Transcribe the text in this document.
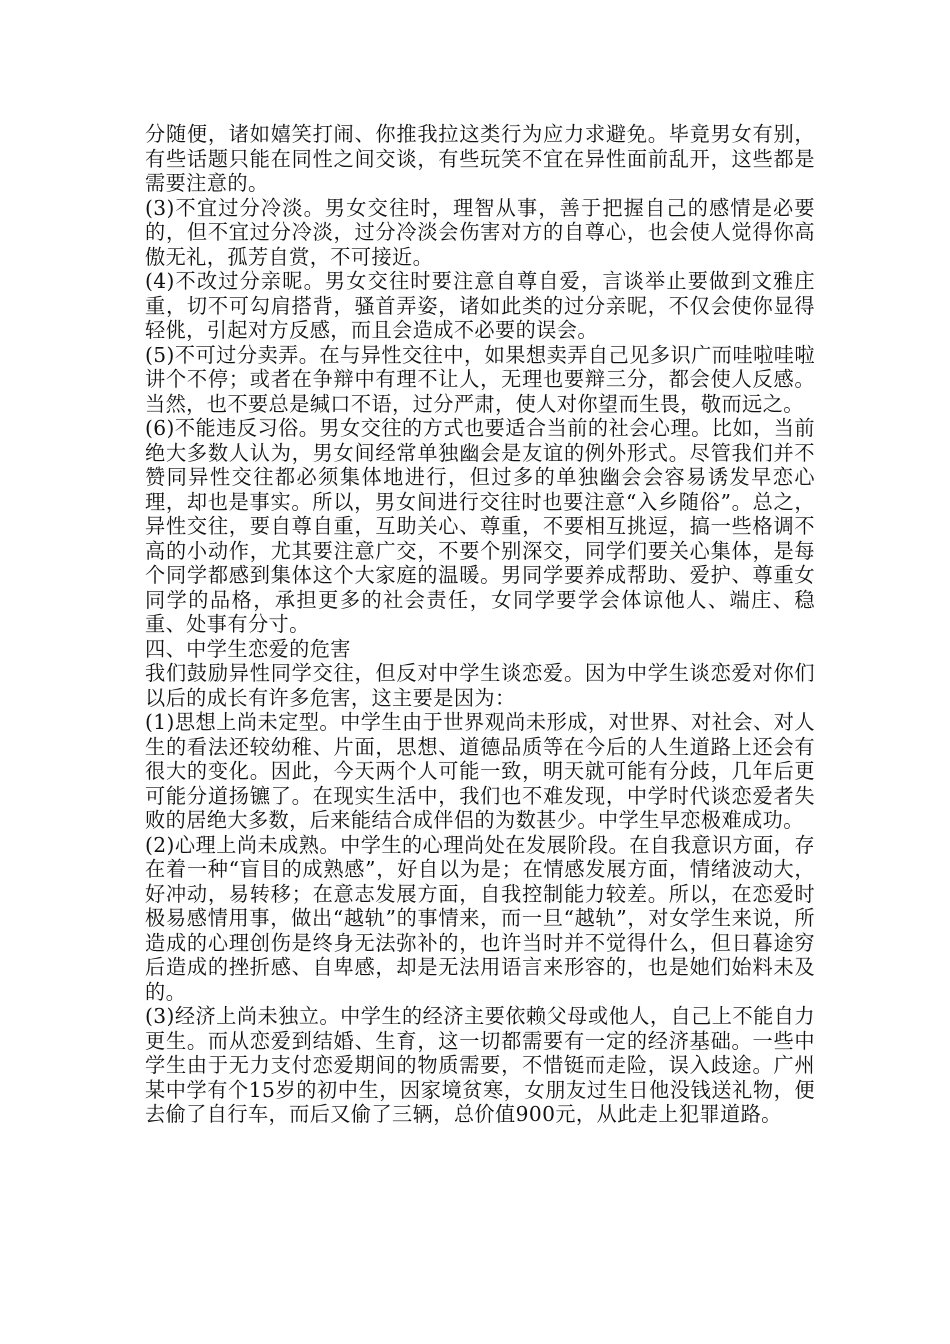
分随便，诸如嬉笑打闹、你推我拉这类行为应力求避免。毕竟男女有别，有些话题只能在同性之间交谈，有些玩笑不宜在异性面前乱开，这些都是需要注意的。

(3)不宜过分冷淡。男女交往时，理智从事，善于把握自己的感情是必要的，但不宜过分冷淡，过分冷淡会伤害对方的自尊心，也会使人觉得你高傲无礼，孤芳自赏，不可接近。

(4)不改过分亲昵。男女交往时要注意自尊自爱，言谈举止要做到文雅庄重，切不可勾肩搭背，骚首弄姿，诸如此类的过分亲昵，不仅会使你显得轻佻，引起对方反感，而且会造成不必要的误会。

(5)不可过分卖弄。在与异性交往中，如果想卖弄自己见多识广而哇啦哇啦讲个不停；或者在争辩中有理不让人，无理也要辩三分，都会使人反感。当然，也不要总是缄口不语，过分严肃，使人对你望而生畏，敬而远之。

(6)不能违反习俗。男女交往的方式也要适合当前的社会心理。比如，当前绝大多数人认为，男女间经常单独幽会是友谊的例外形式。尽管我们并不赞同异性交往都必须集体地进行，但过多的单独幽会会容易诱发早恋心理，却也是事实。所以，男女间进行交往时也要注意“入乡随俗”。总之，异性交往，要自尊自重，互助关心、尊重，不要相互挑逗，搞一些格调不高的小动作，尤其要注意广交，不要个别深交，同学们要关心集体，是每个同学都感到集体这个大家庭的温暖。男同学要养成帮助、爱护、尊重女同学的品格，承担更多的社会责任，女同学要学会体谅他人、端庄、稳重、处事有分寸。

四、中学生恋爱的危害

我们鼓励异性同学交往，但反对中学生谈恋爱。因为中学生谈恋爱对你们以后的成长有许多危害，这主要是因为：

(1)思想上尚未定型。中学生由于世界观尚未形成，对世界、对社会、对人生的看法还较幼稚、片面，思想、道德品质等在今后的人生道路上还会有很大的变化。因此，今天两个人可能一致，明天就可能有分歧，几年后更可能分道扬镳了。在现实生活中，我们也不难发现，中学时代谈恋爱者失败的居绝大多数，后来能结合成伴侣的为数甚少。中学生早恋极难成功。

(2)心理上尚未成熟。中学生的心理尚处在发展阶段。在自我意识方面，存在着一种“盲目的成熟感”，好自以为是；在情感发展方面，情绪波动大，好冲动，易转移；在意志发展方面，自我控制能力较差。所以，在恋爱时极易感情用事，做出“越轨”的事情来，而一旦“越轨”，对女学生来说，所造成的心理创伤是终身无法弥补的，也许当时并不觉得什么，但日暮途穷后造成的挫折感、自卑感，却是无法用语言来形容的，也是她们始料未及的。

(3)经济上尚未独立。中学生的经济主要依赖父母或他人，自己上不能自力更生。而从恋爱到结婚、生育，这一切都需要有一定的经济基础。一些中学生由于无力支付恋爱期间的物质需要，不惜铤而走险，误入歧途。广州某中学有个15岁的初中生，因家境贫寒，女朋友过生日他没钱送礼物，便去偷了自行车，而后又偷了三辆，总价值900元，从此走上犯罪道路。
